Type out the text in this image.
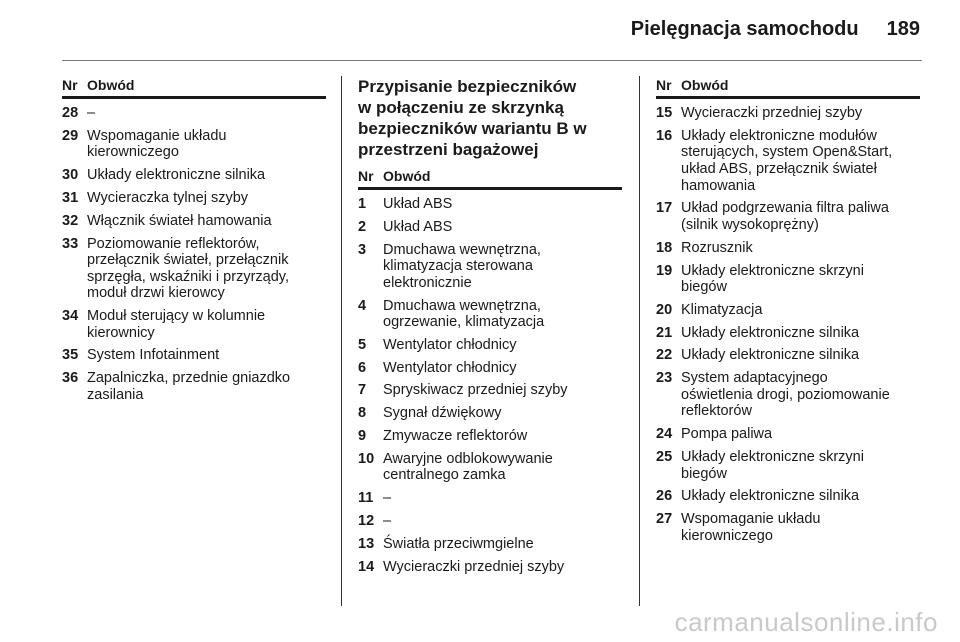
Pielęgnacja samochodu 189
Nr Obwód
28 –
29 Wspomaganie układu
kierowniczego
30 Układy elektroniczne silnika
31 Wycieraczka tylnej szyby
32 Włącznik świateł hamowania
33 Poziomowanie reflektorów,
przełącznik świateł, przełącznik
sprzęgła, wskaźniki i przyrządy,
moduł drzwi kierowcy
34 Moduł sterujący w kolumnie
kierownicy
35 System Infotainment
36 Zapalniczka, przednie gniazdko
zasilania
Przypisanie bezpieczników
w połączeniu ze skrzynką
bezpieczników wariantu B w
przestrzeni bagażowej
Nr Obwód
1	Układ ABS
2	Układ ABS
3	Dmuchawa wewnętrzna,
klimatyzacja sterowana
elektronicznie
4	Dmuchawa wewnętrzna,
ogrzewanie, klimatyzacja
5	Wentylator chłodnicy
6	Wentylator chłodnicy
7	Spryskiwacz przedniej szyby
8	Sygnał dźwiękowy
9	Zmywacze reflektorów
10 Awaryjne odblokowywanie
centralnego zamka
11 –
12 –
13 Światła przeciwmgielne
14 Wycieraczki przedniej szyby
Nr Obwód
15 Wycieraczki przedniej szyby
16 Układy elektroniczne modułów
sterujących, system Open&Start,
układ ABS, przełącznik świateł
hamowania
17 Układ podgrzewania filtra paliwa
(silnik wysokoprężny)
18 Rozrusznik
19 Układy elektroniczne skrzyni
biegów
20 Klimatyzacja
21 Układy elektroniczne silnika
22 Układy elektroniczne silnika
23 System adaptacyjnego
oświetlenia drogi, poziomowanie
reflektorów
24 Pompa paliwa
25 Układy elektroniczne skrzyni
biegów
26 Układy elektroniczne silnika
27 Wspomaganie układu
kierowniczego
carmanualsonline.info
